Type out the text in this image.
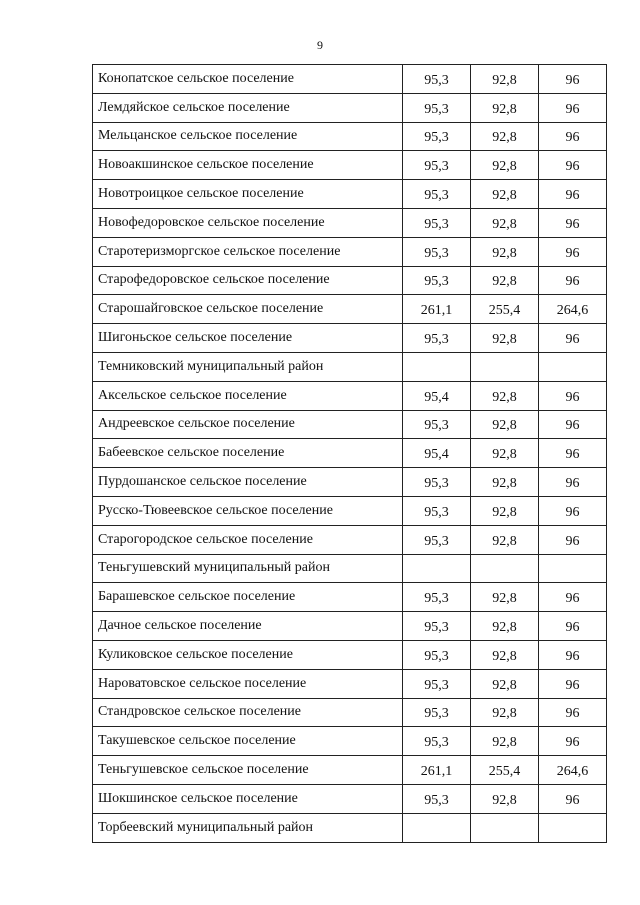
9
Конопатское сельское поселение	95,3	92,8	96
Лемдяйское сельское поселение	95,3	92,8	96
Мельцанское сельское поселение	95,3	92,8	96
Новоакшинское сельское поселение	95,3	92,8	96
Новотроицкое сельское поселение	95,3	92,8	96
Новофедоровское сельское поселение	95,3	92,8	96
Старотеризморгское сельское поселение	95,3	92,8	96
Старофедоровское сельское поселение	95,3	92,8	96
Старошайговское сельское поселение	261,1	255,4	264,6
Шигоньское сельское поселение	95,3	92,8	96
Темниковский муниципальный район			
Аксельское сельское поселение	95,4	92,8	96
Андреевское сельское поселение	95,3	92,8	96
Бабеевское сельское поселение	95,4	92,8	96
Пурдошанское сельское поселение	95,3	92,8	96
Русско-Тювеевское сельское поселение	95,3	92,8	96
Старогородское сельское поселение	95,3	92,8	96
Теньгушевский муниципальный район			
Барашевское сельское поселение	95,3	92,8	96
Дачное сельское поселение	95,3	92,8	96
Куликовское сельское поселение	95,3	92,8	96
Нароватовское сельское поселение	95,3	92,8	96
Стандровское сельское поселение	95,3	92,8	96
Такушевское сельское поселение	95,3	92,8	96
Теньгушевское сельское поселение	261,1	255,4	264,6
Шокшинское сельское поселение	95,3	92,8	96
Торбеевский муниципальный район			
